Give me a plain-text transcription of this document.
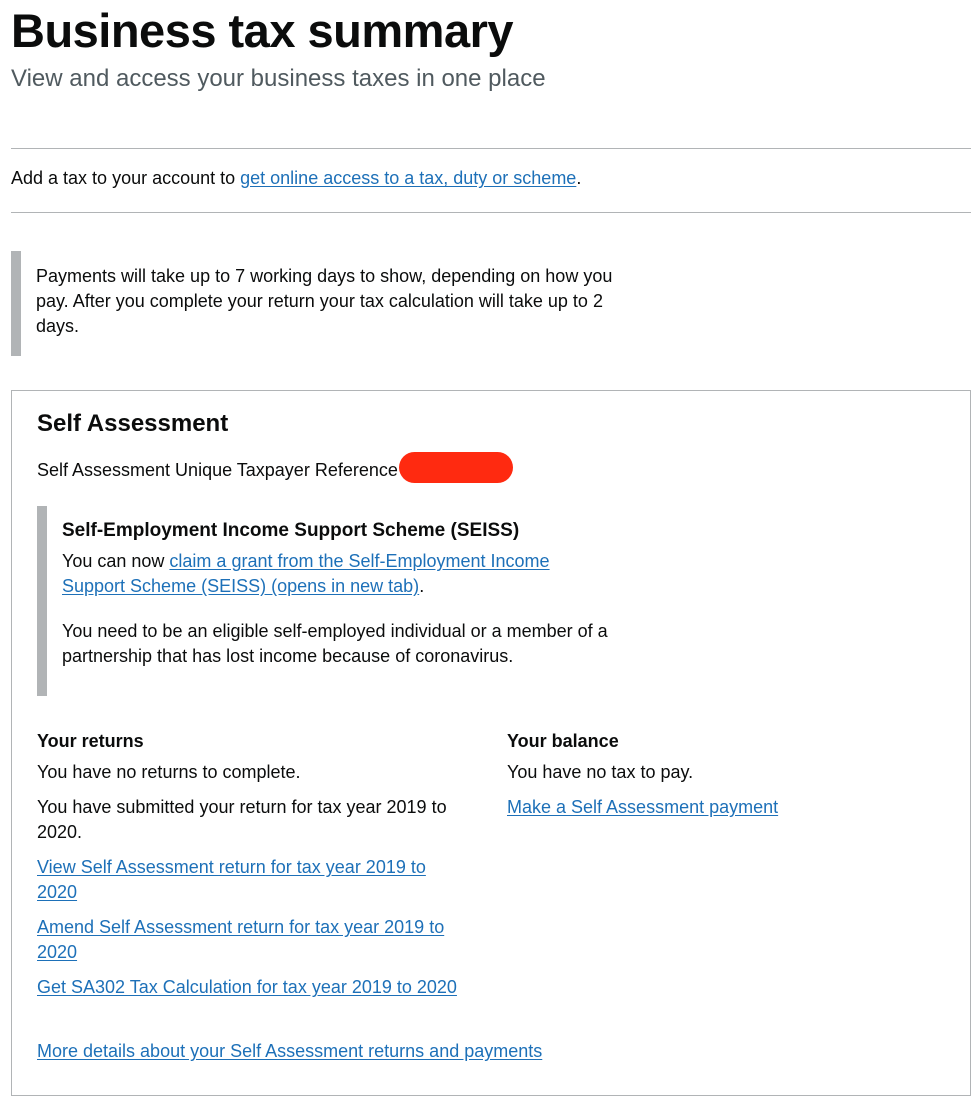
Business tax summary
View and access your business taxes in one place
Add a tax to your account to get online access to a tax, duty or scheme.
Payments will take up to 7 working days to show, depending on how you pay. After you complete your return your tax calculation will take up to 2 days.
Self Assessment
Self Assessment Unique Taxpayer Reference
Self-Employment Income Support Scheme (SEISS)
You can now claim a grant from the Self-Employment Income Support Scheme (SEISS) (opens in new tab).
You need to be an eligible self-employed individual or a member of a partnership that has lost income because of coronavirus.
Your returns
You have no returns to complete.
You have submitted your return for tax year 2019 to 2020.
View Self Assessment return for tax year 2019 to 2020
Amend Self Assessment return for tax year 2019 to 2020
Get SA302 Tax Calculation for tax year 2019 to 2020
Your balance
You have no tax to pay.
Make a Self Assessment payment
More details about your Self Assessment returns and payments
